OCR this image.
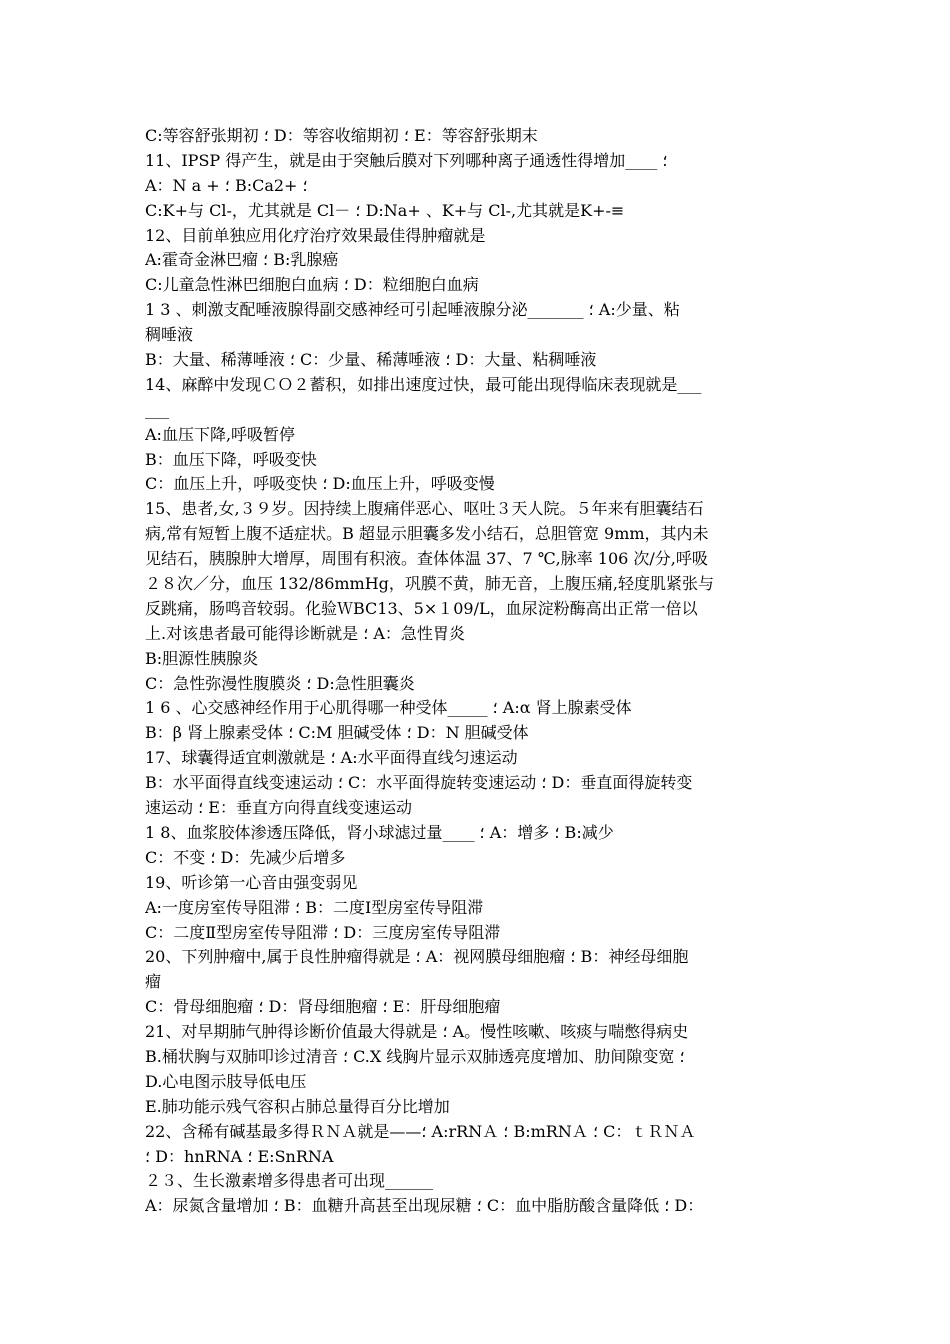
C:等容舒张期初 ؛ D：等容收缩期初 ؛ E：等容舒张期末
11、IPSP 得产生，就是由于突触后膜对下列哪种离子通透性得增加____ ؛
A：N a + ؛ B:Ca2+ ؛
C:K+与 Cl-，尤其就是 Cl－ ؛ D:Na+ 、K+与 Cl-,尤其就是K+-≡
12、目前单独应用化疗治疗效果最佳得肿瘤就是
A:霍奇金淋巴瘤 ؛ B:乳腺癌
C:儿童急性淋巴细胞白血病 ؛ D：粒细胞白血病
1 3 、刺激支配唾液腺得副交感神经可引起唾液腺分泌_______ ؛ A:少量、粘
稠唾液
B：大量、稀薄唾液 ؛ C：少量、稀薄唾液 ؛ D：大量、粘稠唾液
14、麻醉中发现ＣＯ２蓄积，如排出速度过快，最可能出现得临床表现就是___
___
A:血压下降,呼吸暂停
B：血压下降，呼吸变快
C：血压上升，呼吸变快 ؛ D:血压上升，呼吸变慢
15、患者,女,３９岁。因持续上腹痛伴恶心、呕吐３天人院。５年来有胆囊结石
病,常有短暂上腹不适症状。B 超显示胆囊多发小结石，总胆管宽 9mm，其内未
见结石，胰腺肿大增厚，周围有积液。查体体温 37、7 ℃,脉率 106 次/分,呼吸
２８次／分，血压 132/86mmHg，巩膜不黄，肺无音，上腹压痛,轻度肌紧张与
反跳痛，肠鸣音较弱。化验ＷBC13、5×１09/L，血尿淀粉酶高出正常一倍以
上.对该患者最可能得诊断就是 ؛ A：急性胃炎
B:胆源性胰腺炎
C：急性弥漫性腹膜炎 ؛ D:急性胆囊炎
1 6 、心交感神经作用于心肌得哪一种受体_____ ؛ A:α 肾上腺素受体
B：β 肾上腺素受体 ؛ C:M 胆碱受体 ؛ D：N 胆碱受体
17、球囊得适宜刺激就是 ؛ A:水平面得直线匀速运动
B：水平面得直线变速运动 ؛ C：水平面得旋转变速运动 ؛ D：垂直面得旋转变
速运动 ؛ E：垂直方向得直线变速运动
1 8、血浆胶体渗透压降低，肾小球滤过量____ ؛ A：增多 ؛ B:减少
C：不变 ؛ D：先减少后增多
19、听诊第一心音由强变弱见
A:一度房室传导阻滞 ؛ B：二度Ⅰ型房室传导阻滞
C：二度Ⅱ型房室传导阻滞 ؛ D：三度房室传导阻滞
20、下列肿瘤中,属于良性肿瘤得就是 ؛ A：视网膜母细胞瘤 ؛ B：神经母细胞
瘤
C：骨母细胞瘤 ؛ D：肾母细胞瘤 ؛ E：肝母细胞瘤
21、对早期肺气肿得诊断价值最大得就是 ؛ A。慢性咳嗽、咳痰与喘憋得病史
B.桶状胸与双肺叩诊过清音 ؛ C.X 线胸片显示双肺透亮度增加、肋间隙变宽 ؛
D.心电图示肢导低电压
E.肺功能示残气容积占肺总量得百分比增加
22、含稀有碱基最多得ＲＮＡ就是——؛ A:rRNＡ ؛ B:mRNＡ ؛ C：ｔＲＮＡ
؛ D：hnRNA ؛ E:SnRNA
２３、生长激素增多得患者可出现______
A：尿氮含量增加 ؛ B：血糖升高甚至出现尿糖 ؛ C：血中脂肪酸含量降低 ؛ D：
